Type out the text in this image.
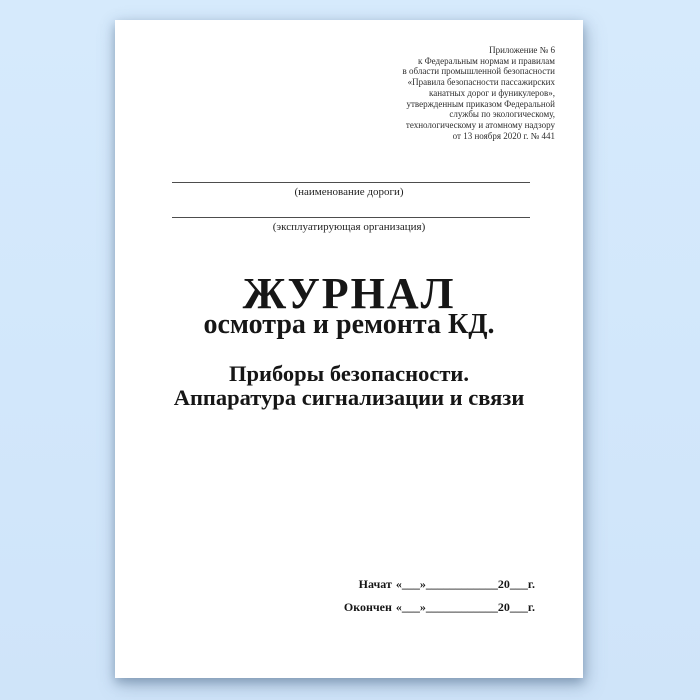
Приложение № 6
к Федеральным нормам и правилам
в области промышленной безопасности
«Правила безопасности пассажирских
канатных дорог и фуникулеров»,
утвержденным приказом Федеральной
службы по экологическому,
технологическому и атомному надзору
от 13 ноября 2020 г. № 441
(наименование дороги)
(эксплуатирующая организация)
ЖУРНАЛ
осмотра и ремонта КД.
Приборы безопасности.
Аппаратура сигнализации и связи
Начат «___»____________20___г.
Окончен «___»____________20___г.
